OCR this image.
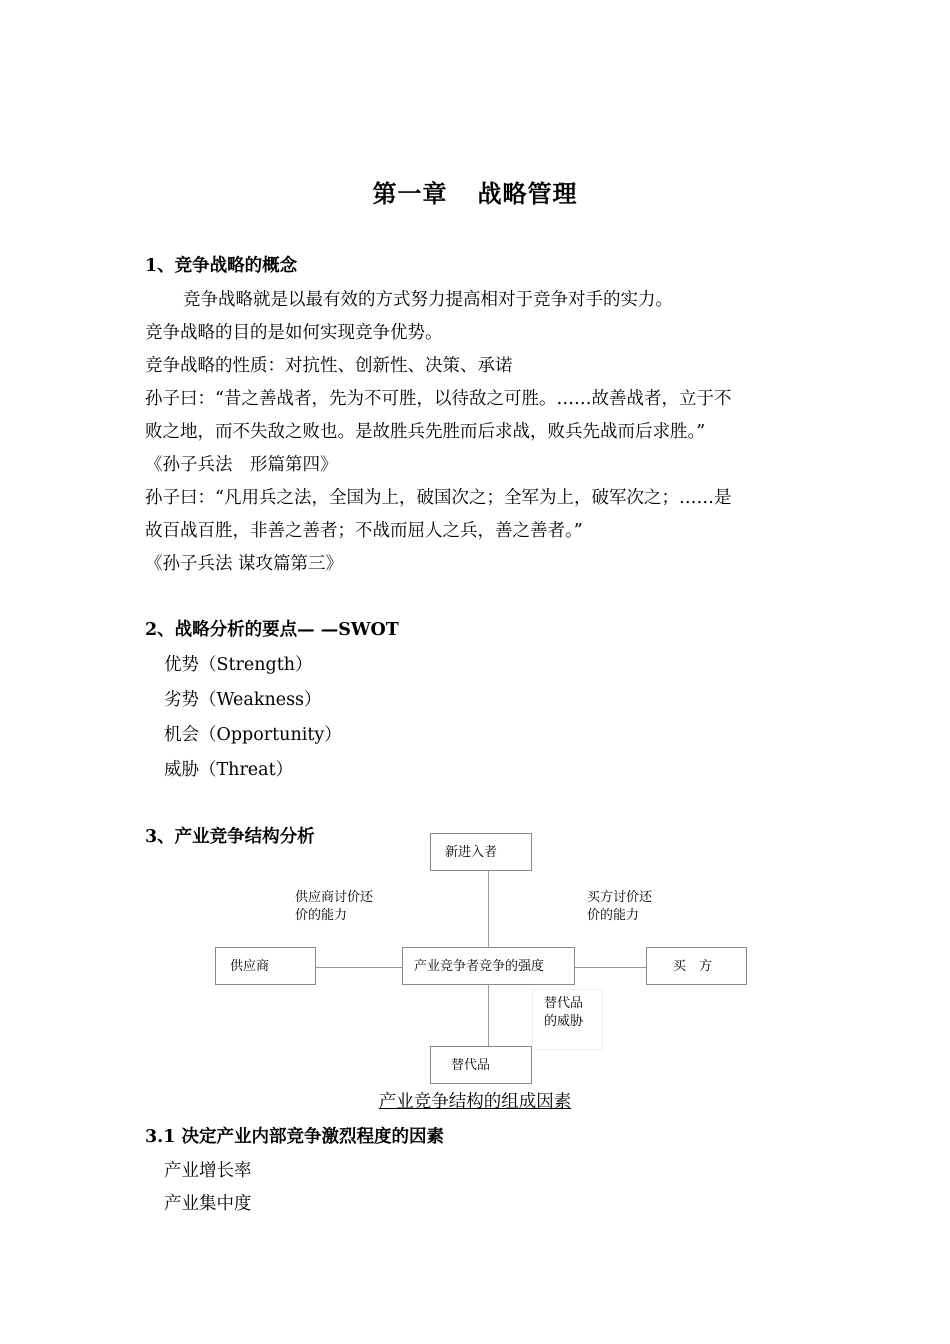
第一章 战略管理
1、竞争战略的概念
竞争战略就是以最有效的方式努力提高相对于竞争对手的实力。
竞争战略的目的是如何实现竞争优势。
竞争战略的性质：对抗性、创新性、决策、承诺
孙子曰：“昔之善战者，先为不可胜，以待敌之可胜。……故善战者，立于不
败之地，而不失敌之败也。是故胜兵先胜而后求战，败兵先战而后求胜。”
《孙子兵法　形篇第四》
孙子曰：“凡用兵之法，全国为上，破国次之；全军为上，破军次之；……是
故百战百胜，非善之善者；不战而屈人之兵，善之善者。”
《孙子兵法 谋攻篇第三》
2、战略分析的要点— —SWOT
优势（Strength）
劣势（Weakness）
机会（Opportunity）
威胁（Threat）
3、产业竞争结构分析
新进入者
供应商	产业竞争者竞争的强度	买　方
替代品
供应商讨价还
价的能力
买方讨价还
价的能力
替代品
的威胁
产业竞争结构的组成因素
3.1 决定产业内部竞争激烈程度的因素
产业增长率
产业集中度
